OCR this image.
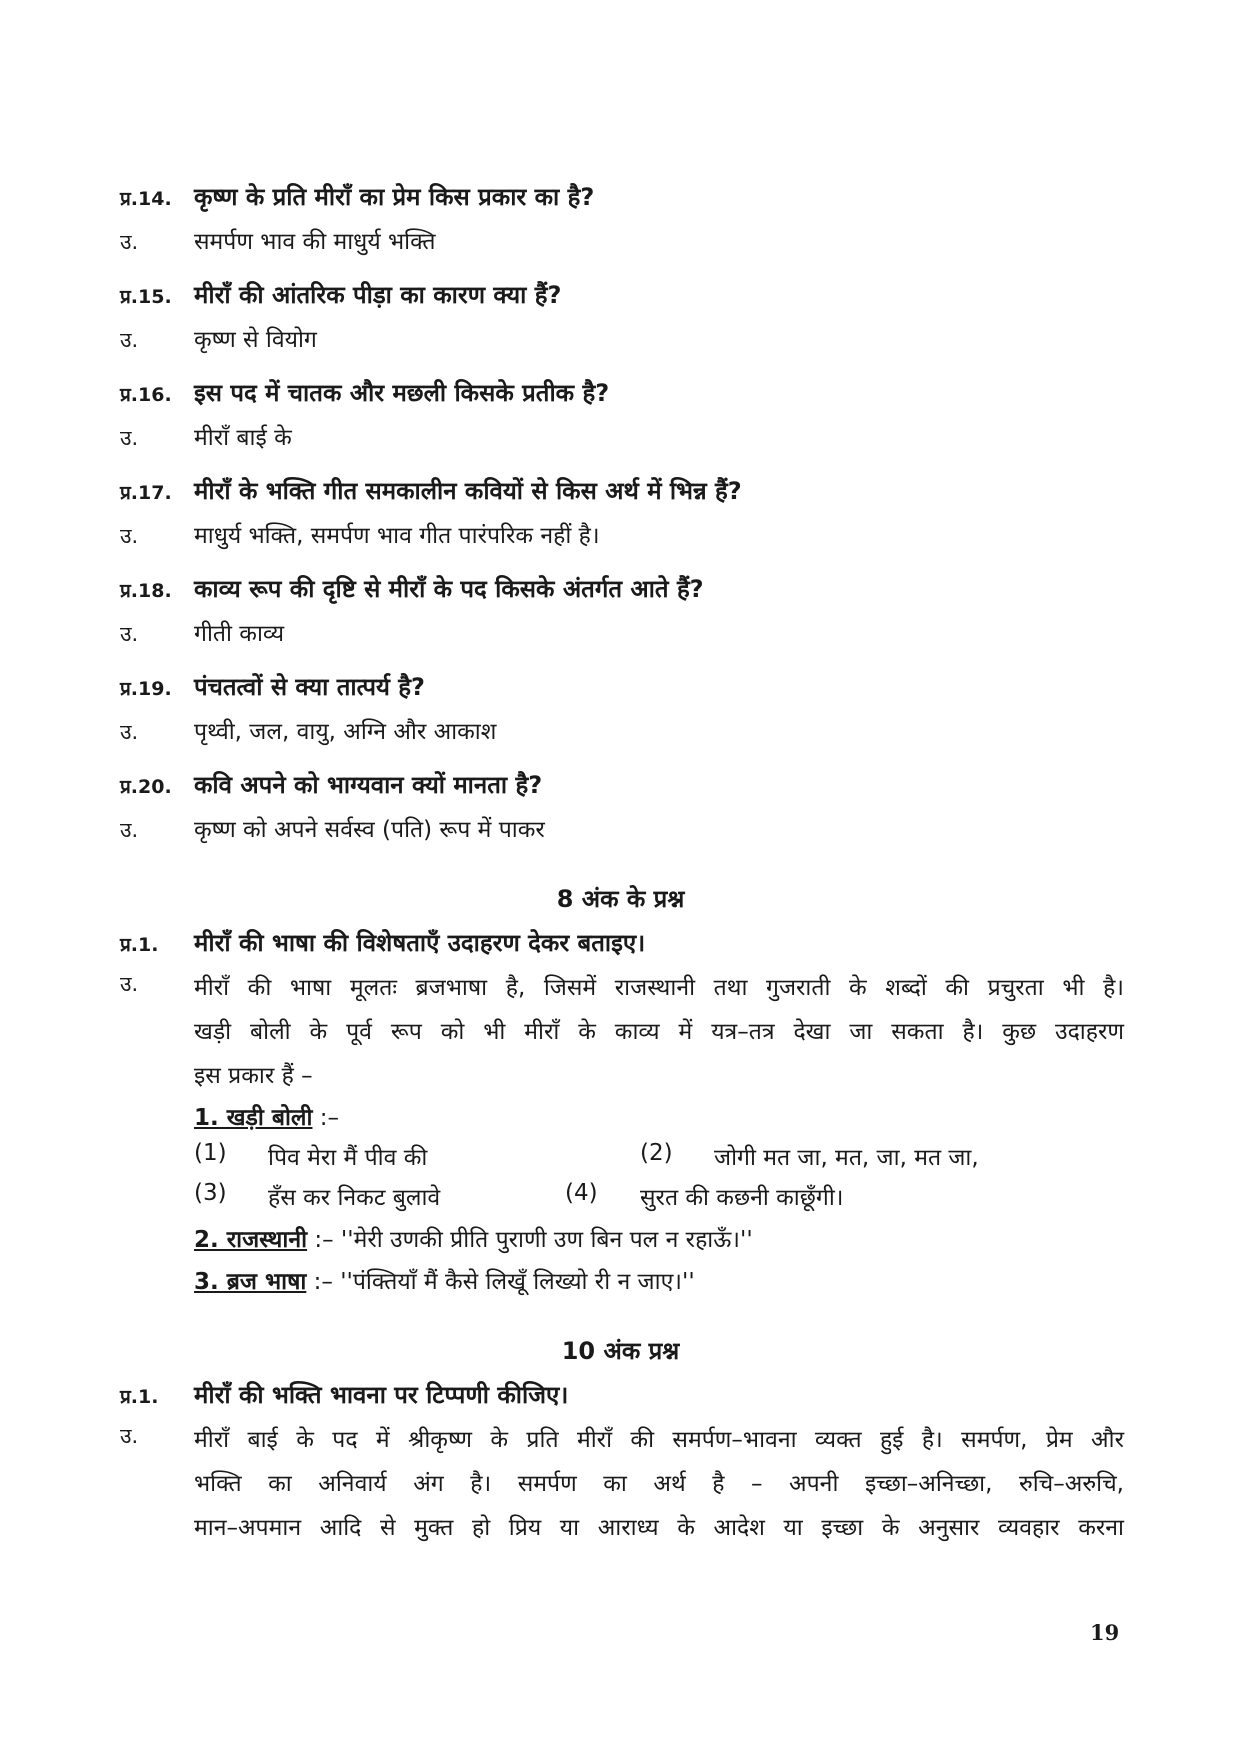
प्र.14. कृष्ण के प्रति मीराँ का प्रेम किस प्रकार का है?
उ.	समर्पण भाव की माधुर्य भक्ति
प्र.15. मीराँ की आंतरिक पीड़ा का कारण क्या हैं?
उ.	कृष्ण से वियोग
प्र.16. इस पद में चातक और मछली किसके प्रतीक है?
उ.	मीराँ बाई के
प्र.17. मीराँ के भक्ति गीत समकालीन कवियों से किस अर्थ में भिन्न हैं?
उ.	माधुर्य भक्ति, समर्पण भाव गीत पारंपरिक नहीं है।
प्र.18. काव्य रूप की दृष्टि से मीराँ के पद किसके अंतर्गत आते हैं?
उ.	गीती काव्य
प्र.19. पंचतत्वों से क्या तात्पर्य है?
उ.	पृथ्वी, जल, वायु, अग्नि और आकाश
प्र.20. कवि अपने को भाग्यवान क्यों मानता है?
उ.	कृष्ण को अपने सर्वस्व (पति) रूप में पाकर
8 अंक के प्रश्न
प्र.1.	मीराँ की भाषा की विशेषताएँ उदाहरण देकर बताइए।
उ.	मीराँ की भाषा मूलतः ब्रजभाषा है, जिसमें राजस्थानी तथा गुजराती के शब्दों की प्रचुरता भी है।
खड़ी बोली के पूर्व रूप को भी मीराँ के काव्य में यत्र–तत्र देखा जा सकता है। कुछ उदाहरण
इस प्रकार हैं –
1. खड़ी बोली :–
(1) पिव मेरा मैं पीव की	(2) जोगी मत जा, मत, जा, मत जा,
(3) हँस कर निकट बुलावे	(4) सुरत की कछनी काछूँगी।
2. राजस्थानी :– ''मेरी उणकी प्रीति पुराणी उण बिन पल न रहाऊँ।''
3. ब्रज भाषा :– ''पंक्तियाँ मैं कैसे लिखूँ लिख्यो री न जाए।''
10 अंक प्रश्न
प्र.1.	मीराँ की भक्ति भावना पर टिप्पणी कीजिए।
उ.	मीराँ बाई के पद में श्रीकृष्ण के प्रति मीराँ की समर्पण–भावना व्यक्त हुई है। समर्पण, प्रेम और
भक्ति का अनिवार्य अंग है। समर्पण का अर्थ है – अपनी इच्छा–अनिच्छा, रुचि–अरुचि,
मान–अपमान आदि से मुक्त हो प्रिय या आराध्य के आदेश या इच्छा के अनुसार व्यवहार करना
19
